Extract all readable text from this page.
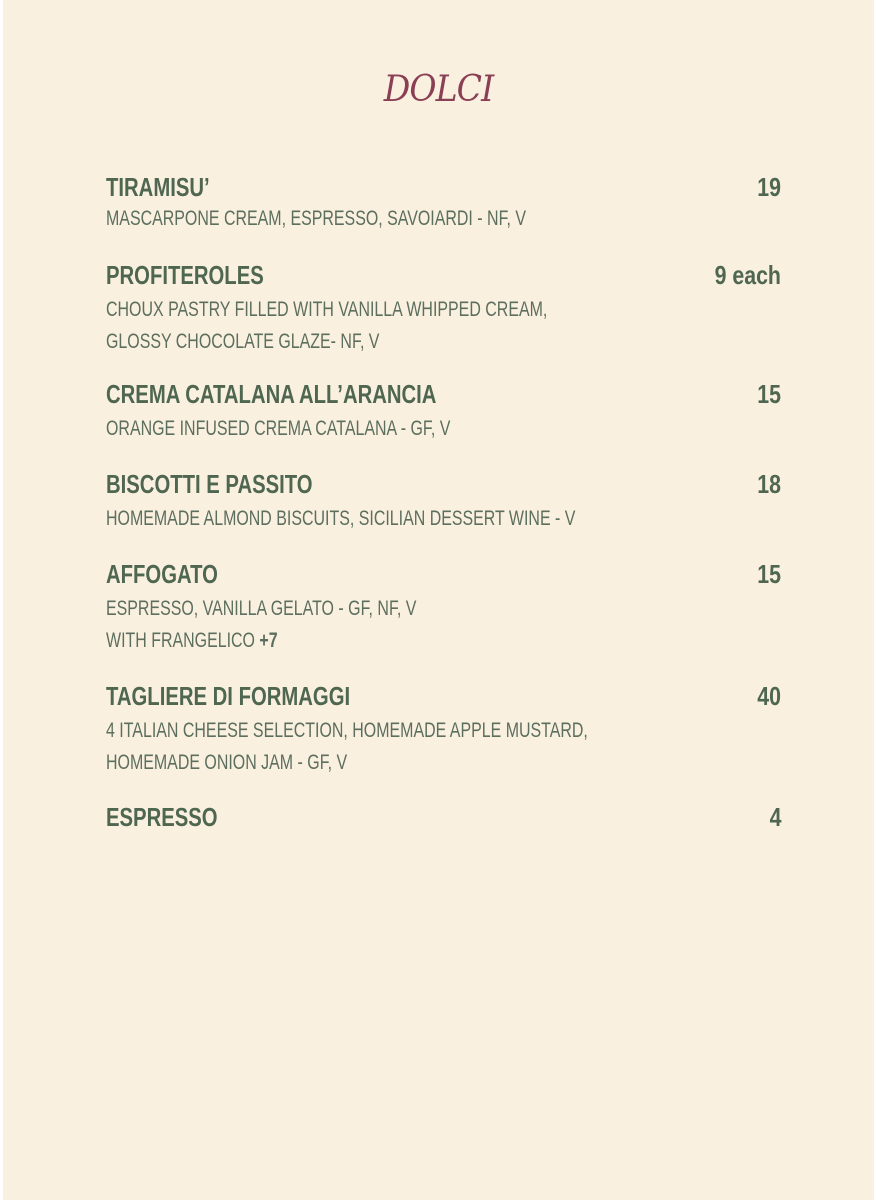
DOLCI
TIRAMISU’	19
MASCARPONE CREAM, ESPRESSO, SAVOIARDI - NF, V
PROFITEROLES	9 each
CHOUX PASTRY FILLED WITH VANILLA WHIPPED CREAM,
GLOSSY CHOCOLATE GLAZE- NF, V
CREMA CATALANA ALL’ARANCIA	15
ORANGE INFUSED CREMA CATALANA - GF, V
BISCOTTI E PASSITO	18
HOMEMADE ALMOND BISCUITS, SICILIAN DESSERT WINE - V
AFFOGATO	15
ESPRESSO, VANILLA GELATO - GF, NF, V
WITH FRANGELICO +7
TAGLIERE DI FORMAGGI	40
4 ITALIAN CHEESE SELECTION, HOMEMADE APPLE MUSTARD,
HOMEMADE ONION JAM - GF, V
ESPRESSO	4
